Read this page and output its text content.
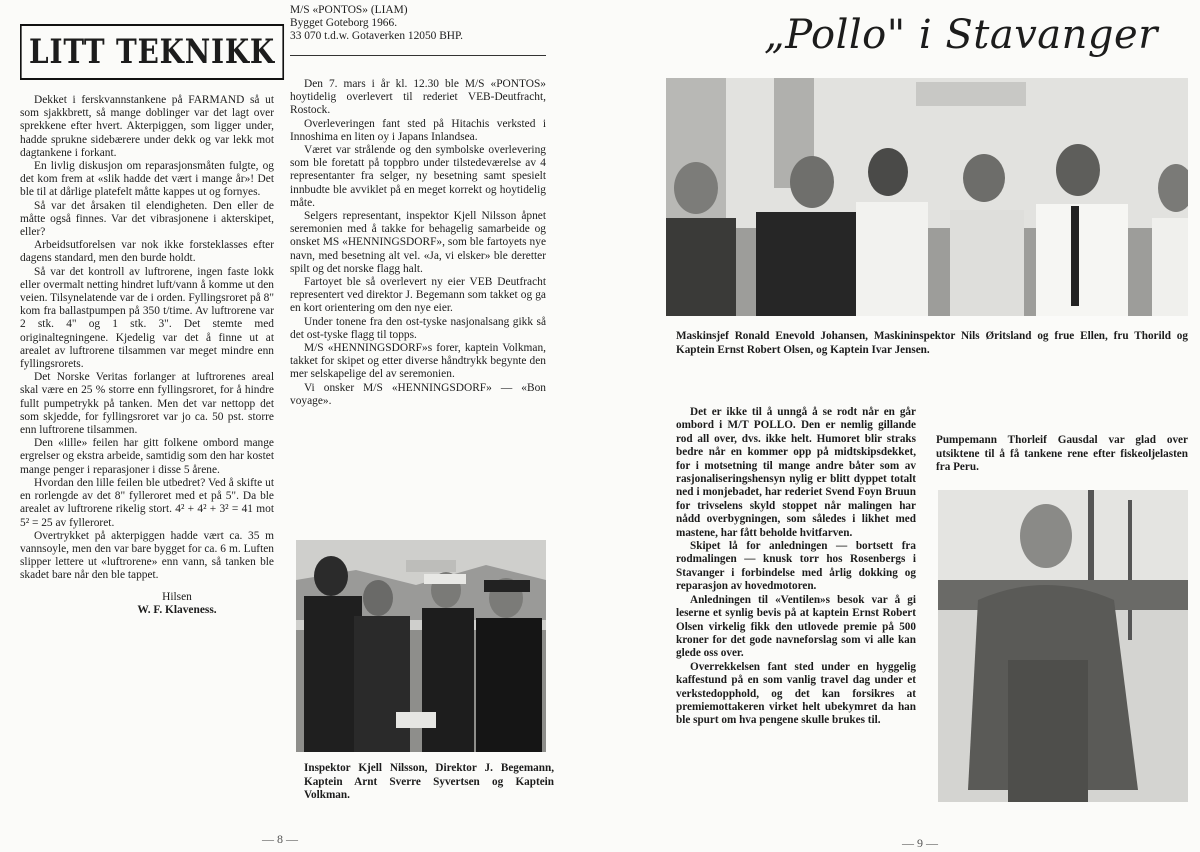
LITT TEKNIKK

Dekket i ferskvannstankene på FARMAND så ut som sjakkbrett, så mange doblinger var det lagt over sprekkene efter hvert. Akterpiggen, som ligger under, hadde sprukne sidebærere under dekk og var lekk mot dagtankene i forkant.

En livlig diskusjon om reparasjonsmåten fulgte, og det kom frem at «slik hadde det vært i mange år»! Det ble til at dårlige platefelt måtte kappes ut og fornyes.

Så var det årsaken til elendigheten. Den eller de måtte også finnes. Var det vibrasjonene i akterskipet, eller?

Arbeidsutforelsen var nok ikke forsteklasses efter dagens standard, men den burde holdt.

Så var det kontroll av luftrorene, ingen faste lokk eller overmalt netting hindret luft/vann å komme ut den veien. Tilsynelatende var de i orden. Fyllingsroret på 8" kom fra ballastpumpen på 350 t/time. Av luftrorene var 2 stk. 4" og 1 stk. 3". Det stemte med originaltegningene. Kjedelig var det å finne ut at arealet av luftrorene tilsammen var meget mindre enn fyllingsrorets.

Det Norske Veritas forlanger at luftrorenes areal skal være en 25 % storre enn fyllingsroret, for å hindre fullt pumpetrykk på tanken. Men det var nettopp det som skjedde, for fyllingsroret var jo ca. 50 pst. storre enn luftrorene tilsammen.

Den «lille» feilen har gitt folkene ombord mange ergrelser og ekstra arbeide, samtidig som den har kostet mange penger i reparasjoner i disse 5 årene.

Hvordan den lille feilen ble utbedret? Ved å skifte ut en rorlengde av det 8" fylleroret med et på 5". Da ble arealet av luftrorene rikelig stort. 4² + 4² + 3² = 41 mot 5² = 25 av fylleroret.

Overtrykket på akterpiggen hadde vært ca. 35 m vannsoyle, men den var bare bygget for ca. 6 m. Luften slipper lettere ut «luftrorene» enn vann, så tanken ble skadet bare når den ble tappet.

Hilsen
W. F. Klaveness.
M/S «PONTOS» (LIAM)
Bygget Goteborg 1966.
33 070 t.d.w. Gotaverken 12050 BHP.

Den 7. mars i år kl. 12.30 ble M/S «PONTOS» hoytidelig overlevert til rederiet VEB-Deutfracht, Rostock.

Overleveringen fant sted på Hitachis verksted i Innoshima en liten oy i Japans Inlandsea.

Været var strålende og den symbolske overlevering som ble foretatt på toppbro under tilstedeværelse av 4 representanter fra selger, ny besetning samt spesielt innbudte ble avviklet på en meget korrekt og hoytidelig måte.

Selgers representant, inspektor Kjell Nilsson åpnet seremonien med å takke for behagelig samarbeide og onsket MS «HENNINGSDORF», som ble fartoyets nye navn, med besetning alt vel. «Ja, vi elsker» ble deretter spilt og det norske flagg halt.

Fartoyet ble så overlevert ny eier VEB Deutfracht representert ved direktor J. Begemann som takket og ga en kort orientering om den nye eier.

Under tonene fra den ost-tyske nasjonalsang gikk så det ost-tyske flagg til topps.

M/S «HENNINGSDORF»s forer, kaptein Volkman, takket for skipet og etter diverse håndtrykk begynte den mer selskapelige del av seremonien.

Vi onsker M/S «HENNINGSDORF» — «Bon voyage».

Inspektor Kjell Nilsson, Direktor J. Begemann, Kaptein Arnt Sverre Syvertsen og Kaptein Volkman.
— 8 —
„Pollo" i Stavanger
Maskinsjef Ronald Enevold Johansen, Maskininspektor Nils Øritsland og frue Ellen, fru Thorild og Kaptein Ernst Robert Olsen, og Kaptein Ivar Jensen.

Det er ikke til å unngå å se rodt når en går ombord i M/T POLLO. Den er nemlig gillande rod all over, dvs. ikke helt. Humoret blir straks bedre når en kommer opp på midtskipsdekket, for i motsetning til mange andre båter som av rasjonaliseringshensyn nylig er blitt dyppet totalt ned i monjebadet, har rederiet Svend Foyn Bruun for trivselens skyld stoppet når malingen har nådd overbygningen, som således i likhet med mastene, har fått beholde hvitfarven.

Skipet lå for anledningen — bortsett fra rodmalingen — knusk torr hos Rosenbergs i Stavanger i forbindelse med årlig dokking og reparasjon av hovedmotoren.

Anledningen til «Ventilen»s besok var å gi leserne et synlig bevis på at kaptein Ernst Robert Olsen virkelig fikk den utlovede premie på 500 kroner for det gode navneforslag som vi alle kan glede oss over.

Overrekkelsen fant sted under en hyggelig kaffestund på en som vanlig travel dag under et verkstedopphold, og det kan forsikres at premiemottakeren virket helt ubekymret da han ble spurt om hva pengene skulle brukes til.

Pumpemann Thorleif Gausdal var glad over utsiktene til å få tankene rene efter fiskeoljelasten fra Peru.
— 9 —
